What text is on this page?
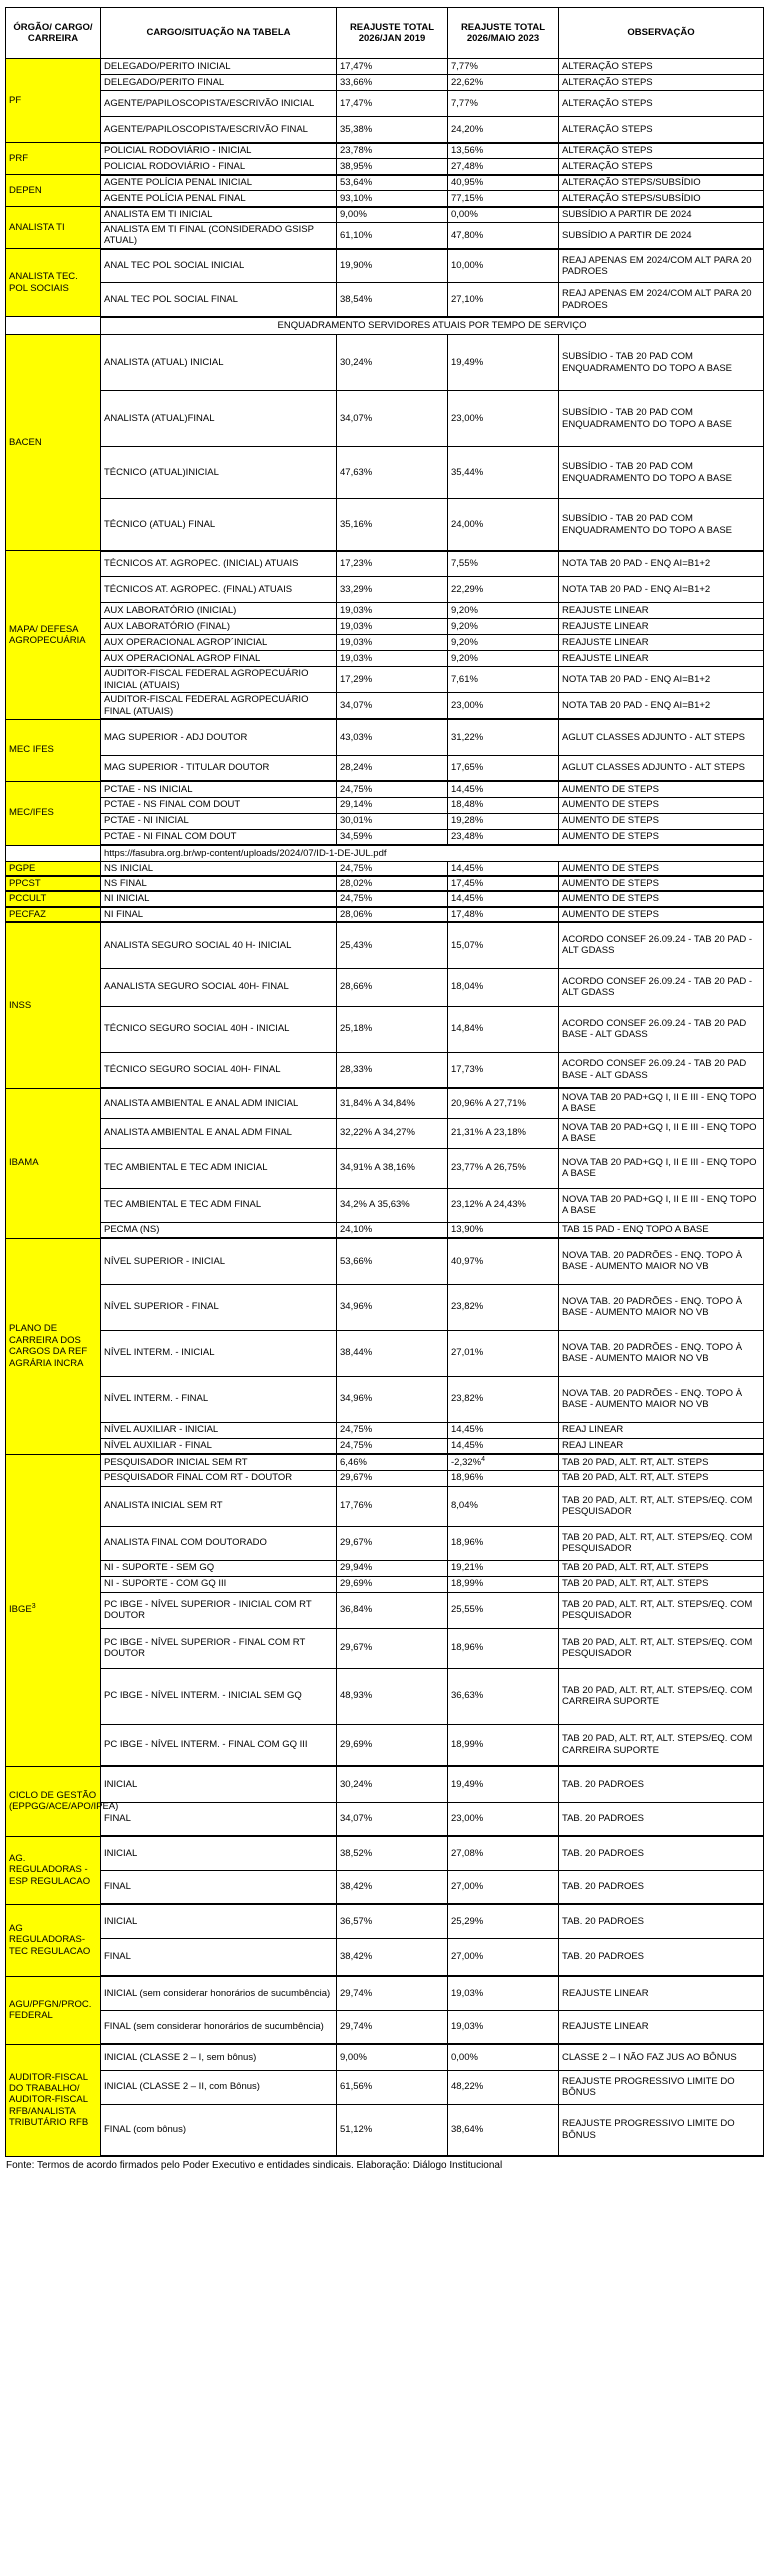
ÓRGÃO/ CARGO/ CARREIRA	CARGO/SITUAÇÃO NA TABELA	REAJUSTE TOTAL 2026/JAN 2019	REAJUSTE TOTAL 2026/MAIO 2023	OBSERVAÇÃO
PF	DELEGADO/PERITO INICIAL	17,47%	7,77%	ALTERAÇÃO STEPS
	DELEGADO/PERITO FINAL	33,66%	22,62%	ALTERAÇÃO STEPS
	AGENTE/PAPILOSCOPISTA/ESCRIVÃO INICIAL	17,47%	7,77%	ALTERAÇÃO STEPS
	AGENTE/PAPILOSCOPISTA/ESCRIVÃO FINAL	35,38%	24,20%	ALTERAÇÃO STEPS
PRF	POLICIAL RODOVIÁRIO - INICIAL	23,78%	13,56%	ALTERAÇÃO STEPS
	POLICIAL RODOVIÁRIO - FINAL	38,95%	27,48%	ALTERAÇÃO STEPS
DEPEN	AGENTE POLÍCIA PENAL INICIAL	53,64%	40,95%	ALTERAÇÃO STEPS/SUBSÍDIO
	AGENTE POLÍCIA PENAL FINAL	93,10%	77,15%	ALTERAÇÃO STEPS/SUBSÍDIO
ANALISTA TI	ANALISTA EM TI INICIAL	9,00%	0,00%	SUBSÍDIO A PARTIR DE 2024
	ANALISTA EM TI FINAL (CONSIDERADO GSISP ATUAL)	61,10%	47,80%	SUBSÍDIO A PARTIR DE 2024
ANALISTA TEC. POL SOCIAIS	ANAL TEC POL SOCIAL INICIAL	19,90%	10,00%	REAJ APENAS EM 2024/COM ALT PARA 20 PADROES
	ANAL TEC POL SOCIAL FINAL	38,54%	27,10%	REAJ APENAS EM 2024/COM ALT PARA 20 PADROES
	ENQUADRAMENTO SERVIDORES ATUAIS POR TEMPO DE SERVIÇO			
BACEN	ANALISTA (ATUAL) INICIAL	30,24%	19,49%	SUBSÍDIO - TAB 20 PAD COM ENQUADRAMENTO DO TOPO A BASE
	ANALISTA (ATUAL)FINAL	34,07%	23,00%	SUBSÍDIO - TAB 20 PAD COM ENQUADRAMENTO DO TOPO A BASE
	TÉCNICO (ATUAL)INICIAL	47,63%	35,44%	SUBSÍDIO - TAB 20 PAD COM ENQUADRAMENTO DO TOPO A BASE
	TÉCNICO (ATUAL) FINAL	35,16%	24,00%	SUBSÍDIO - TAB 20 PAD COM ENQUADRAMENTO DO TOPO A BASE
MAPA/ DEFESA AGROPECUÁRIA	TÉCNICOS AT. AGROPEC. (INICIAL) ATUAIS	17,23%	7,55%	NOTA TAB 20 PAD - ENQ AI=B1+2
	TÉCNICOS AT. AGROPEC. (FINAL) ATUAIS	33,29%	22,29%	NOTA TAB 20 PAD - ENQ AI=B1+2
	AUX LABORATÓRIO (INICIAL)	19,03%	9,20%	REAJUSTE LINEAR
	AUX LABORATÓRIO (FINAL)	19,03%	9,20%	REAJUSTE LINEAR
	AUX OPERACIONAL AGROP´INICIAL	19,03%	9,20%	REAJUSTE LINEAR
	AUX OPERACIONAL AGROP FINAL	19,03%	9,20%	REAJUSTE LINEAR
	AUDITOR-FISCAL FEDERAL AGROPECUÁRIO INICIAL (ATUAIS)	17,29%	7,61%	NOTA TAB 20 PAD - ENQ AI=B1+2
	AUDITOR-FISCAL FEDERAL AGROPECUÁRIO FINAL (ATUAIS)	34,07%	23,00%	NOTA TAB 20 PAD - ENQ AI=B1+2
MEC IFES	MAG SUPERIOR - ADJ DOUTOR	43,03%	31,22%	AGLUT CLASSES ADJUNTO - ALT STEPS
	MAG SUPERIOR - TITULAR DOUTOR	28,24%	17,65%	AGLUT CLASSES ADJUNTO - ALT STEPS
MEC/IFES	PCTAE - NS INICIAL	24,75%	14,45%	AUMENTO DE STEPS
	PCTAE - NS FINAL COM DOUT	29,14%	18,48%	AUMENTO DE STEPS
	PCTAE - NI INICIAL	30,01%	19,28%	AUMENTO DE STEPS
	PCTAE - NI FINAL COM DOUT	34,59%	23,48%	AUMENTO DE STEPS
	https://fasubra.org.br/wp-content/uploads/2024/07/ID-1-DE-JUL.pdf			
PGPE	NS INICIAL	24,75%	14,45%	AUMENTO DE STEPS
PPCST	NS FINAL	28,02%	17,45%	AUMENTO DE STEPS
PCCULT	NI INICIAL	24,75%	14,45%	AUMENTO DE STEPS
PECFAZ	NI FINAL	28,06%	17,48%	AUMENTO DE STEPS
INSS	ANALISTA SEGURO SOCIAL 40 H- INICIAL	25,43%	15,07%	ACORDO CONSEF 26.09.24 - TAB 20 PAD - ALT GDASS
	AANALISTA SEGURO SOCIAL 40H- FINAL	28,66%	18,04%	ACORDO CONSEF 26.09.24 - TAB 20 PAD - ALT GDASS
	TÉCNICO SEGURO SOCIAL 40H - INICIAL	25,18%	14,84%	ACORDO CONSEF 26.09.24 - TAB 20 PAD BASE - ALT GDASS
	TÉCNICO SEGURO SOCIAL 40H- FINAL	28,33%	17,73%	ACORDO CONSEF 26.09.24 - TAB 20 PAD BASE - ALT GDASS
IBAMA	ANALISTA AMBIENTAL E ANAL ADM INICIAL	31,84% A 34,84%	20,96% A 27,71%	NOVA TAB 20 PAD+GQ I, II E III - ENQ TOPO A BASE
	ANALISTA AMBIENTAL E ANAL ADM FINAL	32,22% A 34,27%	21,31% A 23,18%	NOVA TAB 20 PAD+GQ I, II E III - ENQ TOPO A BASE
	TEC AMBIENTAL E TEC ADM INICIAL	34,91% A 38,16%	23,77% A 26,75%	NOVA TAB 20 PAD+GQ I, II E III - ENQ TOPO A BASE
	TEC AMBIENTAL E TEC ADM FINAL	34,2% A 35,63%	23,12% A 24,43%	NOVA TAB 20 PAD+GQ I, II E III - ENQ TOPO A BASE
	PECMA (NS)	24,10%	13,90%	TAB 15 PAD - ENQ TOPO A BASE
PLANO DE CARREIRA DOS CARGOS DA REF AGRÁRIA INCRA	NÍVEL SUPERIOR - INICIAL	53,66%	40,97%	NOVA TAB. 20 PADRÕES - ENQ. TOPO À BASE - AUMENTO MAIOR NO VB
	NÍVEL SUPERIOR - FINAL	34,96%	23,82%	NOVA TAB. 20 PADRÕES - ENQ. TOPO À BASE - AUMENTO MAIOR NO VB
	NÍVEL INTERM. - INICIAL	38,44%	27,01%	NOVA TAB. 20 PADRÕES - ENQ. TOPO À BASE - AUMENTO MAIOR NO VB
	NÍVEL INTERM. - FINAL	34,96%	23,82%	NOVA TAB. 20 PADRÕES - ENQ. TOPO À BASE - AUMENTO MAIOR NO VB
	NÍVEL AUXILIAR - INICIAL	24,75%	14,45%	REAJ LINEAR
	NÍVEL AUXILIAR - FINAL	24,75%	14,45%	REAJ LINEAR
IBGE$^3$	PESQUISADOR INICIAL SEM RT	6,46%	-2,32%$^4$	TAB 20 PAD, ALT. RT, ALT. STEPS
	PESQUISADOR FINAL COM RT - DOUTOR	29,67%	18,96%	TAB 20 PAD, ALT. RT, ALT. STEPS
	ANALISTA INICIAL SEM RT	17,76%	8,04%	TAB 20 PAD, ALT. RT, ALT. STEPS/EQ. COM PESQUISADOR
	ANALISTA FINAL COM DOUTORADO	29,67%	18,96%	TAB 20 PAD, ALT. RT, ALT. STEPS/EQ. COM PESQUISADOR
	NI - SUPORTE - SEM GQ	29,94%	19,21%	TAB 20 PAD, ALT. RT, ALT. STEPS
	NI - SUPORTE - COM GQ III	29,69%	18,99%	TAB 20 PAD, ALT. RT, ALT. STEPS
	PC IBGE - NÍVEL SUPERIOR - INICIAL COM RT DOUTOR	36,84%	25,55%	TAB 20 PAD, ALT. RT, ALT. STEPS/EQ. COM PESQUISADOR
	PC IBGE - NÍVEL SUPERIOR - FINAL COM RT DOUTOR	29,67%	18,96%	TAB 20 PAD, ALT. RT, ALT. STEPS/EQ. COM PESQUISADOR
	PC IBGE - NÍVEL INTERM. - INICIAL SEM GQ	48,93%	36,63%	TAB 20 PAD, ALT. RT, ALT. STEPS/EQ. COM CARREIRA SUPORTE
	PC IBGE - NÍVEL INTERM. - FINAL COM GQ III	29,69%	18,99%	TAB 20 PAD, ALT. RT, ALT. STEPS/EQ. COM CARREIRA SUPORTE
CICLO DE GESTÃO (EPPGG/ACE/APO/IPEA)	INICIAL	30,24%	19,49%	TAB. 20 PADROES
	FINAL	34,07%	23,00%	TAB. 20 PADROES
AG. REGULADORAS - ESP REGULACAO	INICIAL	38,52%	27,08%	TAB. 20 PADROES
	FINAL	38,42%	27,00%	TAB. 20 PADROES
AG REGULADORAS- TEC REGULACAO	INICIAL	36,57%	25,29%	TAB. 20 PADROES
	FINAL	38,42%	27,00%	TAB. 20 PADROES
AGU/PFGN/PROC. FEDERAL	INICIAL (sem considerar honorários de sucumbência)	29,74%	19,03%	REAJUSTE LINEAR
	FINAL (sem considerar honorários de sucumbência)	29,74%	19,03%	REAJUSTE LINEAR
AUDITOR-FISCAL DO TRABALHO/ AUDITOR-FISCAL RFB/ANALISTA TRIBUTÁRIO RFB	INICIAL (CLASSE 2 – I, sem bônus)	9,00%	0,00%	CLASSE 2 – I NÃO FAZ JUS AO BÔNUS
	INICIAL (CLASSE 2 – II, com Bônus)	61,56%	48,22%	REAJUSTE PROGRESSIVO LIMITE DO BÔNUS
	FINAL (com bônus)	51,12%	38,64%	REAJUSTE PROGRESSIVO LIMITE DO BÔNUS
Fonte: Termos de acordo firmados pelo Poder Executivo e entidades sindicais. Elaboração: Diálogo Institucional
